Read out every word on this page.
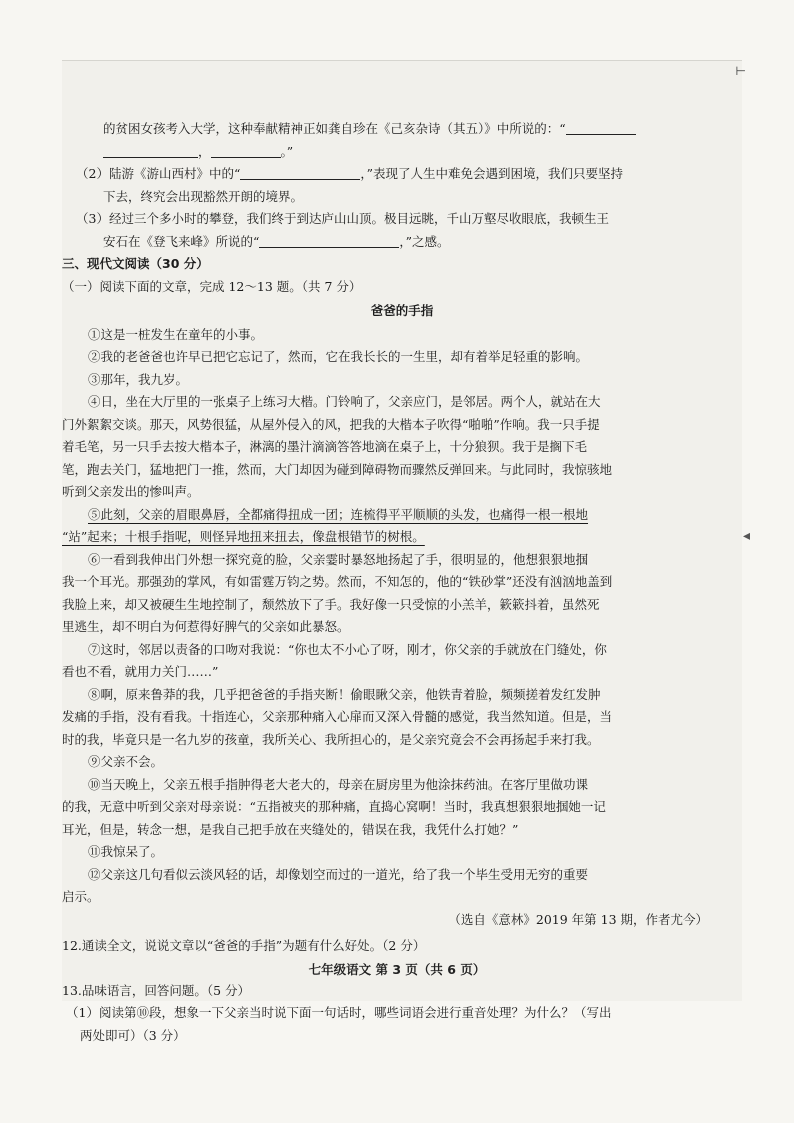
⊢
◂

的贫困女孩考入大学，这种奉献精神正如龚自珍在《己亥杂诗（其五）》中所说的：“

，	。”

（2）陆游《游山西村》中的“	，”表现了人生中难免会遇到困境，我们只要坚持

下去，终究会出现豁然开朗的境界。

（3）经过三个多小时的攀登，我们终于到达庐山山顶。极目远眺，千山万壑尽收眼底，我顿生王

安石在《登飞来峰》所说的“	，”之感。

三、现代文阅读（30 分）

（一）阅读下面的文章，完成 12～13 题。（共 7 分）

爸爸的手指

①这是一桩发生在童年的小事。

②我的老爸爸也许早已把它忘记了，然而，它在我长长的一生里，却有着举足轻重的影响。

③那年，我九岁。

④日，坐在大厅里的一张桌子上练习大楷。门铃响了，父亲应门，是邻居。两个人，就站在大

门外絮絮交谈。那天，风势很猛，从屋外侵入的风，把我的大楷本子吹得“啪啪”作响。我一只手提

着毛笔，另一只手去按大楷本子，淋漓的墨汁滴滴答答地滴在桌子上，十分狼狈。我于是搁下毛

笔，跑去关门，猛地把门一推，然而，大门却因为碰到障碍物而骤然反弹回来。与此同时，我惊骇地

听到父亲发出的惨叫声。

⑤此刻，父亲的眉眼鼻唇，全都痛得扭成一团；连梳得平平顺顺的头发，也痛得一根一根地

“站”起来；十根手指呢，则怪异地扭来扭去，像盘根错节的树根。

⑥一看到我伸出门外想一探究竟的脸，父亲霎时暴怒地扬起了手，很明显的，他想狠狠地掴

我一个耳光。那强劲的掌风，有如雷霆万钧之势。然而，不知怎的，他的“铁砂掌”还没有汹汹地盖到

我脸上来，却又被硬生生地控制了，颓然放下了手。我好像一只受惊的小羔羊，簌簌抖着，虽然死

里逃生，却不明白为何惹得好脾气的父亲如此暴怒。

⑦这时，邻居以责备的口吻对我说：“你也太不小心了呀，刚才，你父亲的手就放在门缝处，你

看也不看，就用力关门……”

⑧啊，原来鲁莽的我，几乎把爸爸的手指夹断！偷眼瞅父亲，他铁青着脸，频频搓着发红发肿

发痛的手指，没有看我。十指连心，父亲那种痛入心扉而又深入骨髓的感觉，我当然知道。但是，当

时的我，毕竟只是一名九岁的孩童，我所关心、我所担心的，是父亲究竟会不会再扬起手来打我。

⑨父亲不会。

⑩当天晚上，父亲五根手指肿得老大老大的，母亲在厨房里为他涂抹药油。在客厅里做功课

的我，无意中听到父亲对母亲说：“五指被夹的那种痛，直捣心窝啊！当时，我真想狠狠地掴她一记

耳光，但是，转念一想，是我自己把手放在夹缝处的，错误在我，我凭什么打她？”

⑪我惊呆了。

⑫父亲这几句看似云淡风轻的话，却像划空而过的一道光，给了我一个毕生受用无穷的重要

启示。

（选自《意林》2019 年第 13 期，作者尤今）

12.通读全文，说说文章以“爸爸的手指”为题有什么好处。（2 分）

13.品味语言，回答问题。（5 分）

（1）阅读第⑩段，想象一下父亲当时说下面一句话时，哪些词语会进行重音处理？为什么？（写出

两处即可）（3 分）

七年级语文 第 3 页（共 6 页）
